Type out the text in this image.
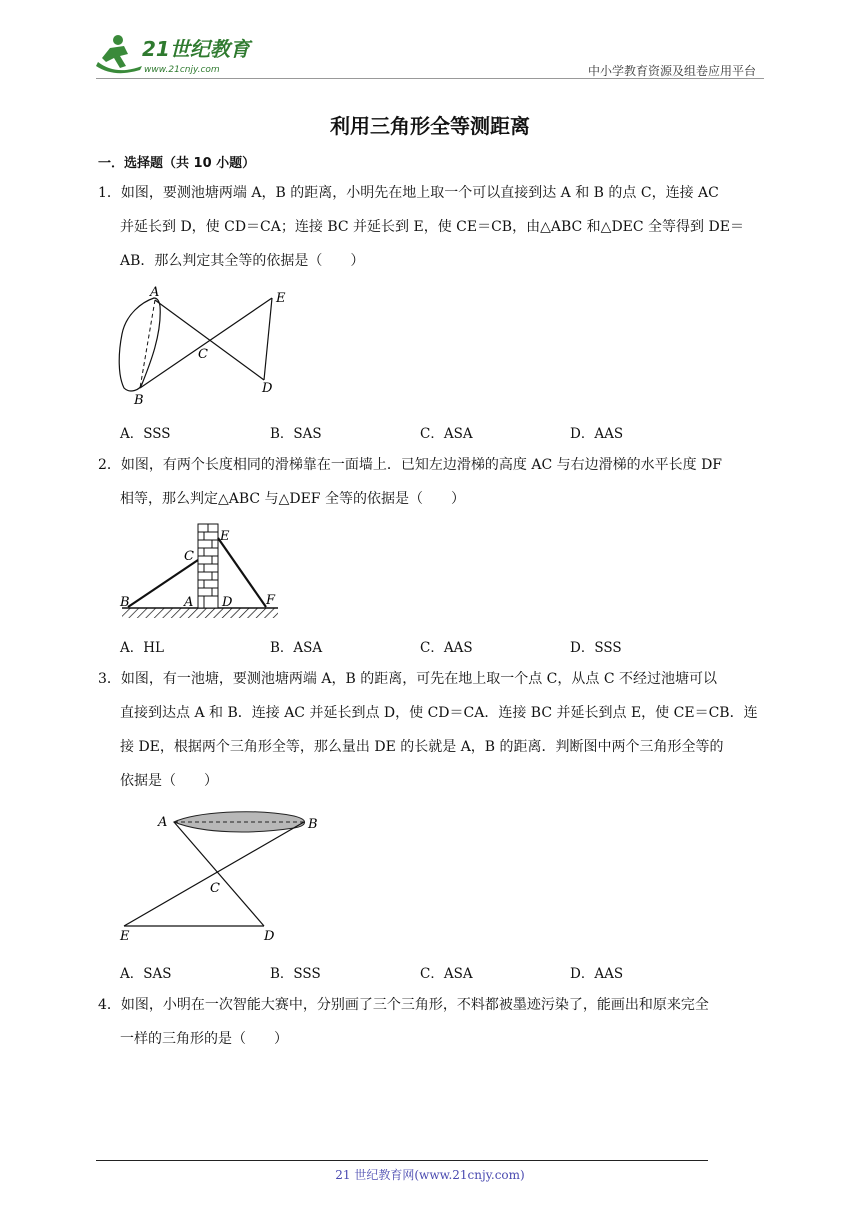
21世纪教育
www.21cnjy.com	中小学教育资源及组卷应用平台
利用三角形全等测距离
一．选择题（共 10 小题）
1．如图，要测池塘两端 A，B 的距离，小明先在地上取一个可以直接到达 A 和 B 的点 C，连接 AC
并延长到 D，使 CD＝CA；连接 BC 并延长到 E，使 CE＝CB，由△ABC 和△DEC 全等得到 DE＝
AB．那么判定其全等的依据是（　　）
A
B
C
D
E
A．SSS	B．SAS	C．ASA	D．AAS
2．如图，有两个长度相同的滑梯靠在一面墙上．已知左边滑梯的高度 AC 与右边滑梯的水平长度 DF
相等，那么判定△ABC 与△DEF 全等的依据是（　　）
B	A
C
D
E
F
A．HL	B．ASA	C．AAS	D．SSS
3．如图，有一池塘，要测池塘两端 A，B 的距离，可先在地上取一个点 C，从点 C 不经过池塘可以
直接到达点 A 和 B．连接 AC 并延长到点 D，使 CD＝CA．连接 BC 并延长到点 E，使 CE＝CB．连
接 DE，根据两个三角形全等，那么量出 DE 的长就是 A，B 的距离．判断图中两个三角形全等的
依据是（　　）
A	B
C
E	D
A．SAS	B．SSS	C．ASA	D．AAS
4．如图，小明在一次智能大赛中，分别画了三个三角形，不料都被墨迹污染了，能画出和原来完全
一样的三角形的是（　　）
21 世纪教育网(www.21cnjy.com)
